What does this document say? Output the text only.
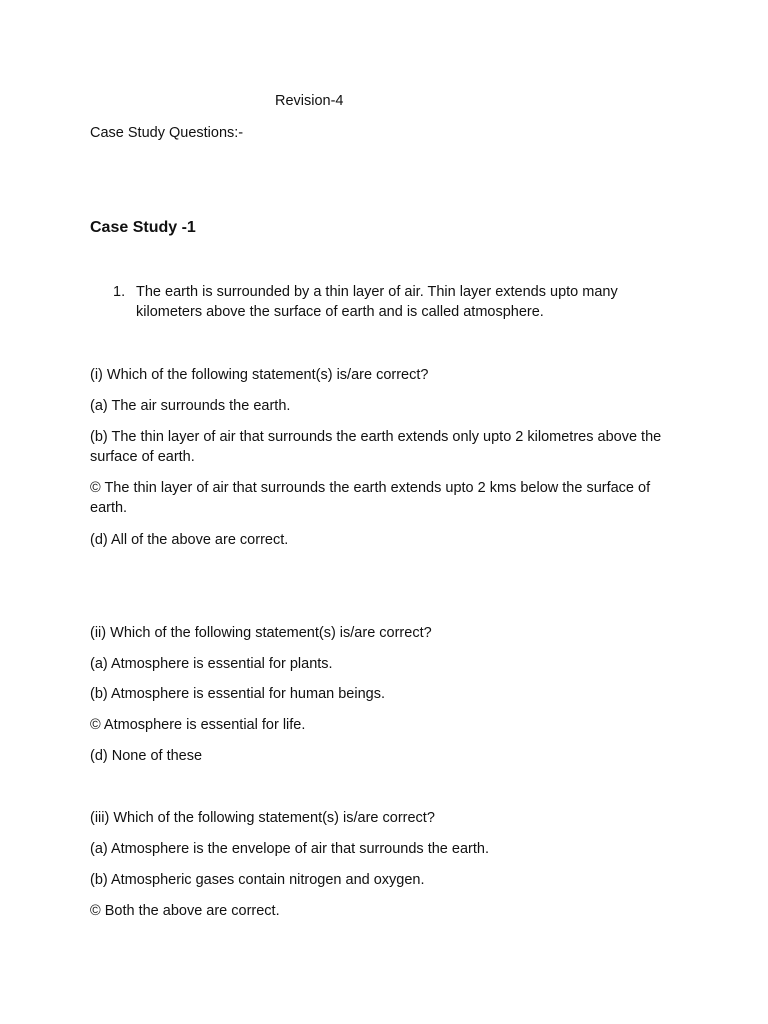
Revision-4
Case Study Questions:-
Case Study -1
1. The earth is surrounded by a thin layer of air. Thin layer extends upto many kilometers above the surface of earth and is called atmosphere.
(i) Which of the following statement(s) is/are correct?
(a) The air surrounds the earth.
(b) The thin layer of air that surrounds the earth extends only upto 2 kilometres above the surface of earth.
© The thin layer of air that surrounds the earth extends upto 2 kms below the surface of earth.
(d) All of the above are correct.
(ii) Which of the following statement(s) is/are correct?
(a) Atmosphere is essential for plants.
(b) Atmosphere is essential for human beings.
© Atmosphere is essential for life.
(d) None of these
(iii) Which of the following statement(s) is/are correct?
(a) Atmosphere is the envelope of air that surrounds the earth.
(b) Atmospheric gases contain nitrogen and oxygen.
© Both the above are correct.
